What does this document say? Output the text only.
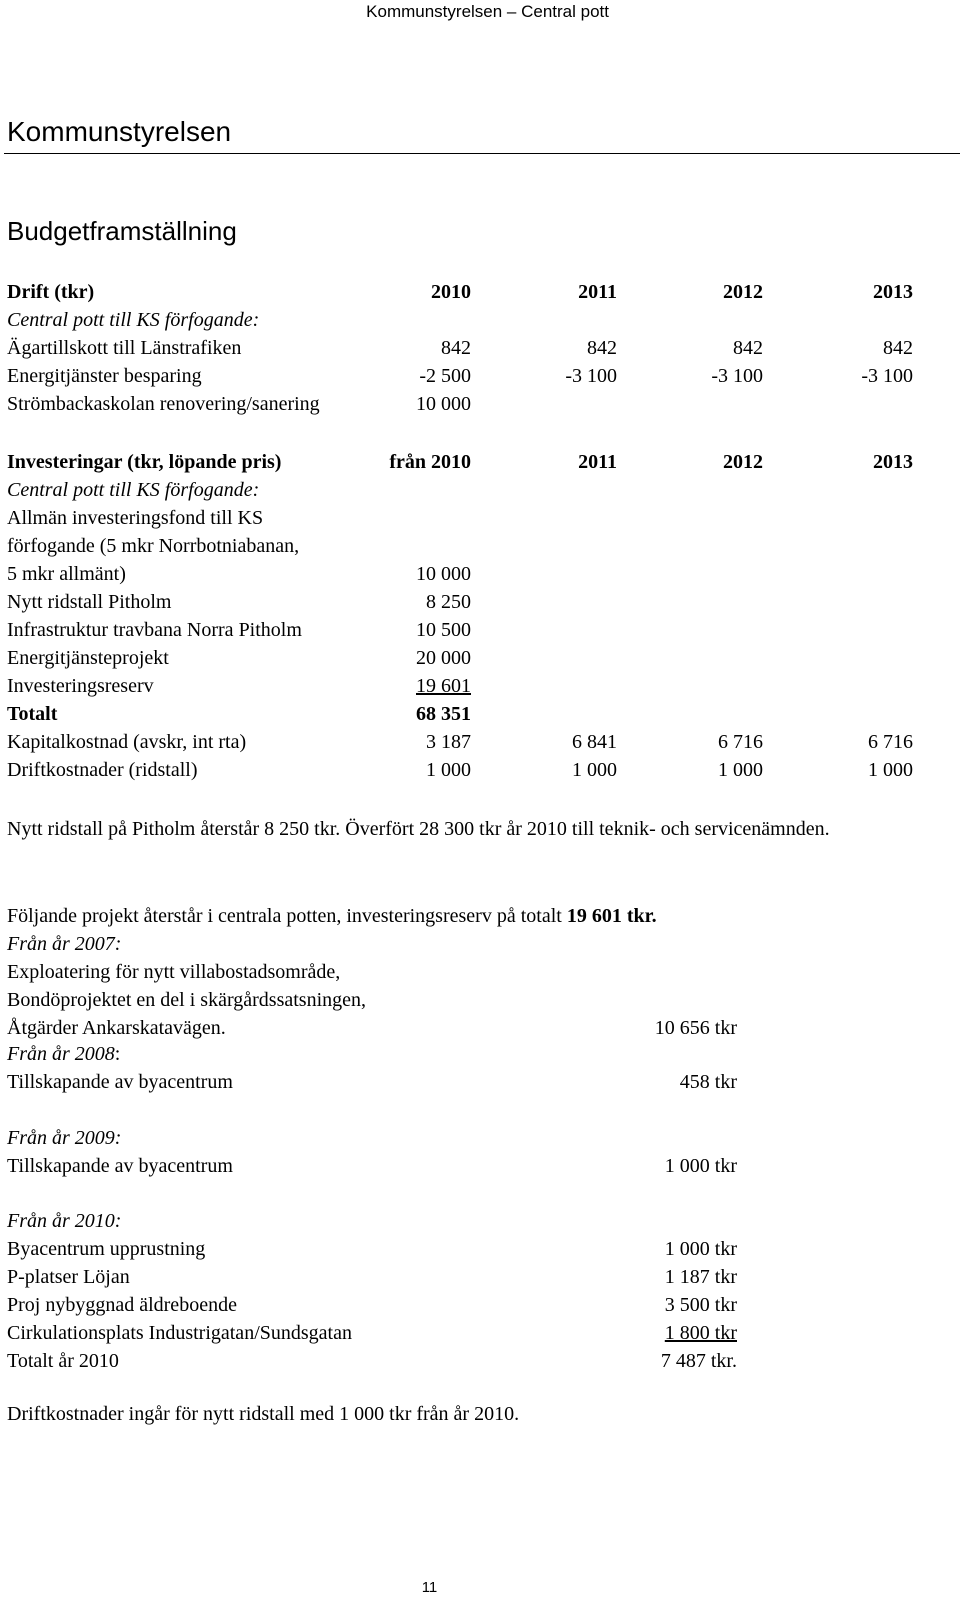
Kommunstyrelsen – Central pott
Kommunstyrelsen
Budgetframställning
Drift (tkr)	2010	2011	2012	2013
Central pott till KS förfogande:
Ägartillskott till Länstrafiken	842	842	842	842
Energitjänster besparing	-2 500	-3 100	-3 100	-3 100
Strömbackaskolan renovering/sanering	10 000
Investeringar (tkr, löpande pris)	från 2010	2011	2012	2013
Central pott till KS förfogande:
Allmän investeringsfond till KS
förfogande (5 mkr Norrbotniabanan,
5 mkr allmänt)	10 000
Nytt ridstall Pitholm	8 250
Infrastruktur travbana Norra Pitholm	10 500
Energitjänsteprojekt	20 000
Investeringsreserv	19 601
Totalt	68 351
Kapitalkostnad (avskr, int rta)	3 187	6 841	6 716	6 716
Driftkostnader (ridstall)	1 000	1 000	1 000	1 000
Nytt ridstall på Pitholm återstår 8 250 tkr. Överfört 28 300 tkr år 2010 till teknik- och servicenämnden.
Följande projekt återstår i centrala potten, investeringsreserv på totalt 19 601 tkr.
Från år 2007:
Exploatering för nytt villabostadsområde,
Bondöprojektet en del i skärgårdssatsningen,
Åtgärder Ankarskatavägen.	10 656 tkr
Från år 2008:
Tillskapande av byacentrum	458 tkr
Från år 2009:
Tillskapande av byacentrum	1 000 tkr
Från år 2010:
Byacentrum upprustning	1 000 tkr
P-platser Löjan	1 187 tkr
Proj nybyggnad äldreboende	3 500 tkr
Cirkulationsplats Industrigatan/Sundsgatan	1 800 tkr
Totalt år 2010	7 487 tkr.
Driftkostnader ingår för nytt ridstall med 1 000 tkr från år 2010.
11
